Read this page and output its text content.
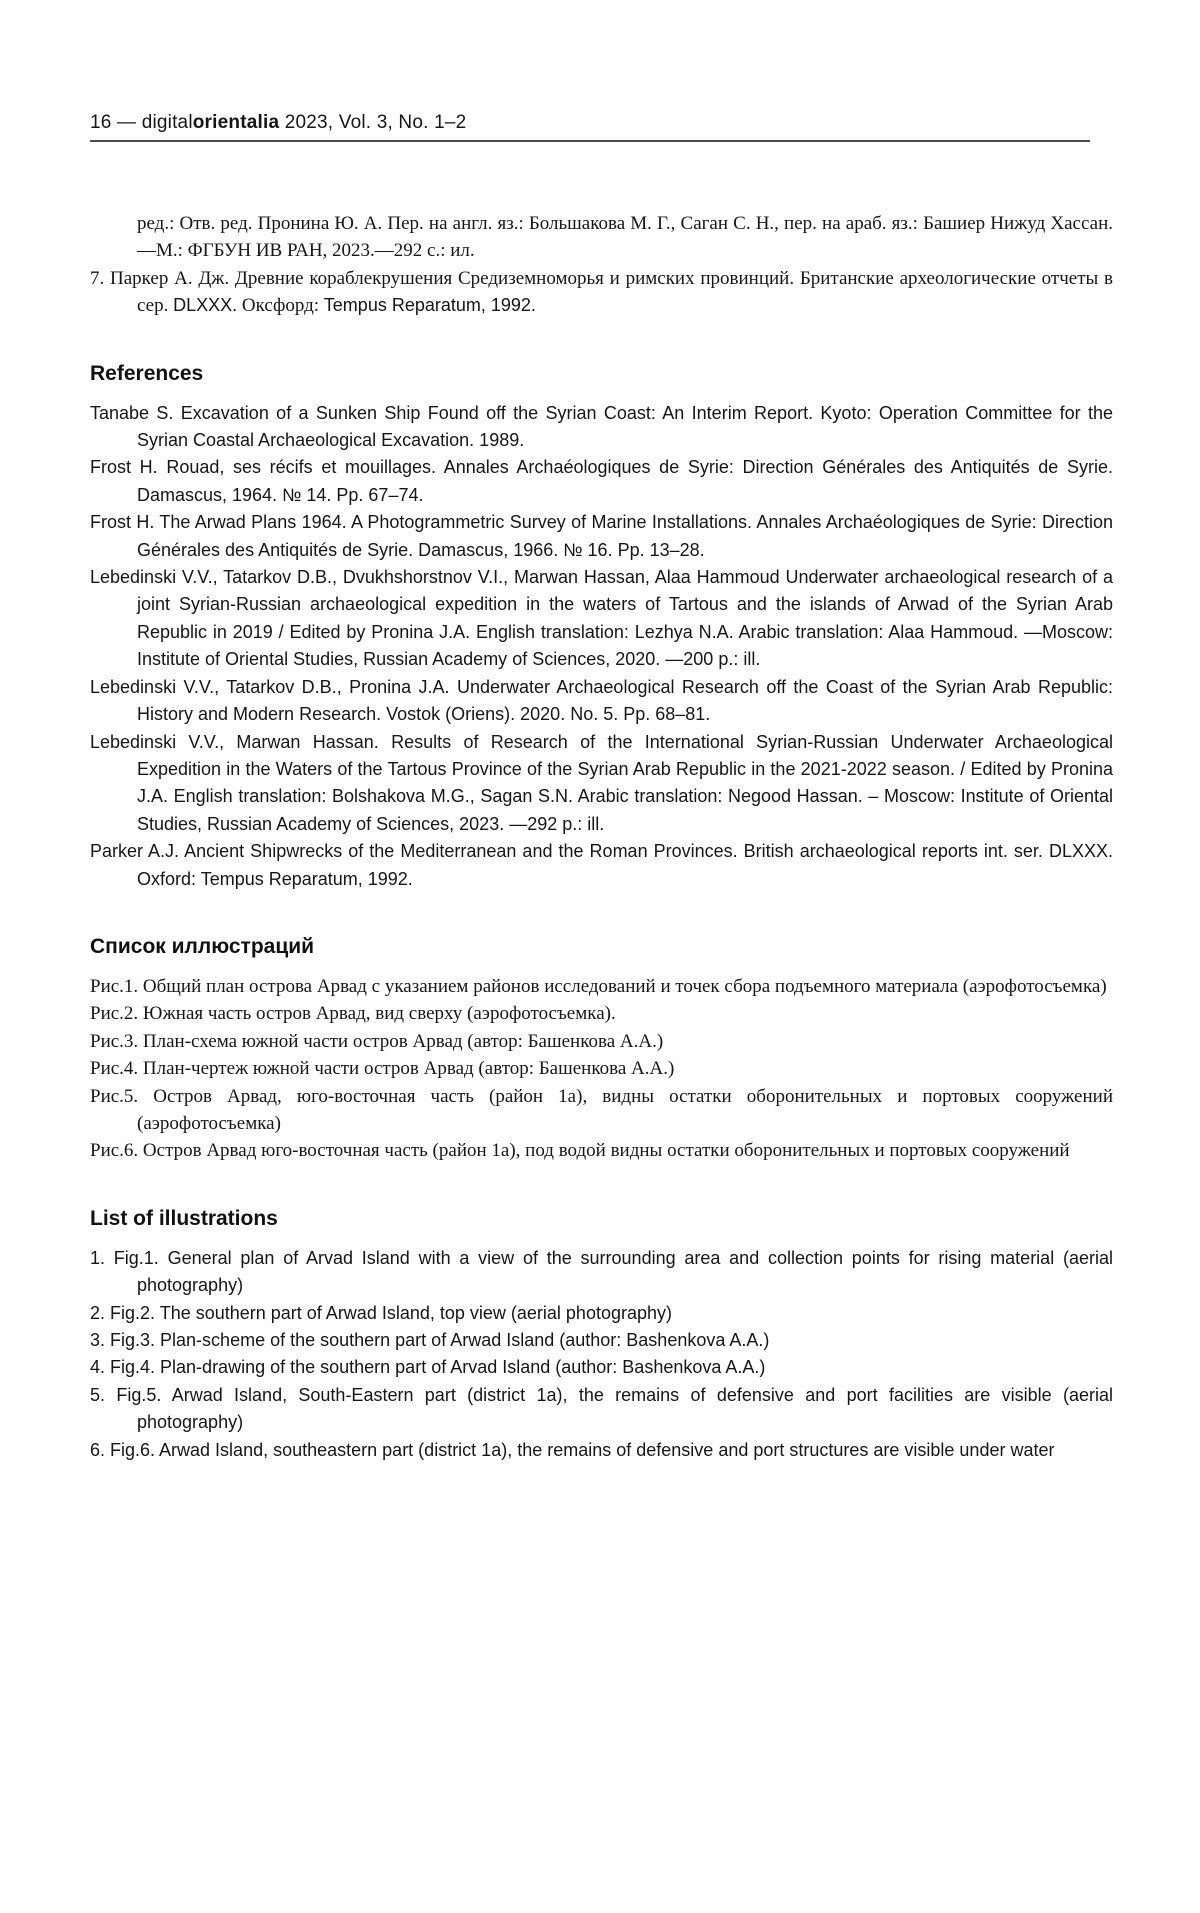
16 — digitalorientalia 2023, Vol. 3, No. 1–2

ред.: Отв. ред. Пронина Ю. А. Пер. на англ. яз.: Большакова М. Г., Саган С. Н., пер. на араб. яз.: Башиер Нижуд Хассан.—М.: ФГБУН ИВ РАН, 2023.—292 с.: ил.

7. Паркер А. Дж. Древние кораблекрушения Средиземноморья и римских провинций. Британские археологические отчеты в сер. DLXXX. Оксфорд: Tempus Reparatum, 1992.

References

Tanabe S. Excavation of a Sunken Ship Found off the Syrian Coast: An Interim Report. Kyoto: Operation Committee for the Syrian Coastal Archaeological Excavation. 1989.

Frost H. Rouad, ses récifs et mouillages. Annales Archaéologiques de Syrie: Direction Générales des Antiquités de Syrie. Damascus, 1964. № 14. Pp. 67–74.

Frost H. The Arwad Plans 1964. A Photogrammetric Survey of Marine Installations. Annales Archaéologiques de Syrie: Direction Générales des Antiquités de Syrie. Damascus, 1966. № 16. Pp. 13–28.

Lebedinski V.V., Tatarkov D.B., Dvukhshorstnov V.I., Marwan Hassan, Alaa Hammoud Underwater archaeological research of a joint Syrian-Russian archaeological expedition in the waters of Tartous and the islands of Arwad of the Syrian Arab Republic in 2019 / Edited by Pronina J.A. English translation: Lezhya N.A. Arabic translation: Alaa Hammoud. —Moscow: Institute of Oriental Studies, Russian Academy of Sciences, 2020. —200 p.: ill.

Lebedinski V.V., Tatarkov D.B., Pronina J.A. Underwater Archaeological Research off the Coast of the Syrian Arab Republic: History and Modern Research. Vostok (Oriens). 2020. No. 5. Pp. 68–81.

Lebedinski V.V., Marwan Hassan. Results of Research of the International Syrian-Russian Underwater Archaeological Expedition in the Waters of the Tartous Province of the Syrian Arab Republic in the 2021-2022 season. / Edited by Pronina J.A. English translation: Bolshakova M.G., Sagan S.N. Arabic translation: Negood Hassan. – Moscow: Institute of Oriental Studies, Russian Academy of Sciences, 2023. —292 p.: ill.

Parker A.J. Ancient Shipwrecks of the Mediterranean and the Roman Provinces. British archaeological reports int. ser. DLXXX. Oxford: Tempus Reparatum, 1992.

Список иллюстраций

Рис.1. Общий план острова Арвад с указанием районов исследований и точек сбора подъемного материала (аэрофотосъемка)

Рис.2. Южная часть остров Арвад, вид сверху (аэрофотосъемка).

Рис.3. План-схема южной части остров Арвад (автор: Башенкова А.А.)

Рис.4. План-чертеж южной части остров Арвад (автор: Башенкова А.А.)

Рис.5. Остров Арвад, юго-восточная часть (район 1а), видны остатки оборонительных и портовых сооружений (аэрофотосъемка)

Рис.6. Остров Арвад юго-восточная часть (район 1а), под водой видны остатки оборонительных и портовых сооружений

List of illustrations

1. Fig.1. General plan of Arvad Island with a view of the surrounding area and collection points for rising material (aerial photography)

2. Fig.2. The southern part of Arwad Island, top view (aerial photography)

3. Fig.3. Plan-scheme of the southern part of Arwad Island (author: Bashenkova A.A.)

4. Fig.4. Plan-drawing of the southern part of Arvad Island (author: Bashenkova A.A.)

5. Fig.5. Arwad Island, South-Eastern part (district 1a), the remains of defensive and port facilities are visible (aerial photography)

6. Fig.6. Arwad Island, southeastern part (district 1a), the remains of defensive and port structures are visible under water
